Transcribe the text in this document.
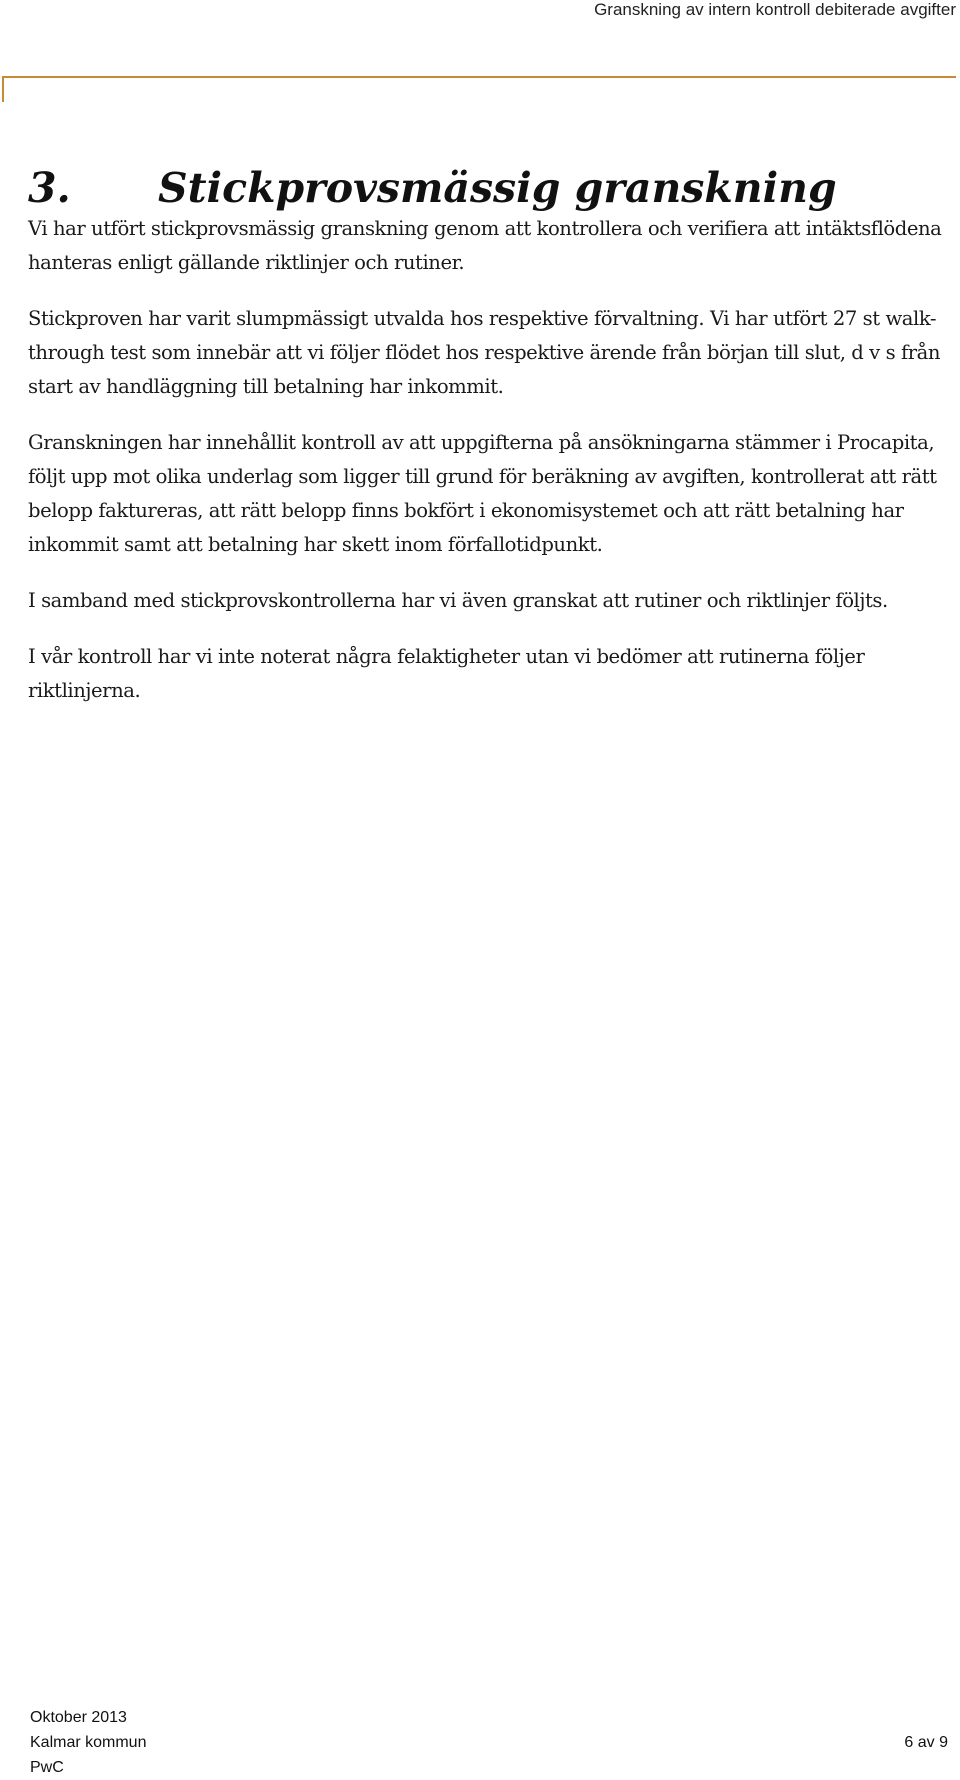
Granskning av intern kontroll debiterade avgifter
3. Stickprovsmässig granskning

Vi har utfört stickprovsmässig granskning genom att kontrollera och verifiera att intäktsflödena hanteras enligt gällande riktlinjer och rutiner.

Stickproven har varit slumpmässigt utvalda hos respektive förvaltning. Vi har utfört 27 st walk-through test som innebär att vi följer flödet hos respektive ärende från början till slut, d v s från start av handläggning till betalning har inkommit.

Granskningen har innehållit kontroll av att uppgifterna på ansökningarna stämmer i Procapita, följt upp mot olika underlag som ligger till grund för beräkning av avgiften, kontrollerat att rätt belopp faktureras, att rätt belopp finns bokfört i ekonomisystemet och att rätt betalning har inkommit samt att betalning har skett inom förfallotidpunkt.

I samband med stickprovskontrollerna har vi även granskat att rutiner och riktlinjer följts.

I vår kontroll har vi inte noterat några felaktigheter utan vi bedömer att rutinerna följer riktlinjerna.

Oktober 2013
Kalmar kommun	6 av 9
PwC
